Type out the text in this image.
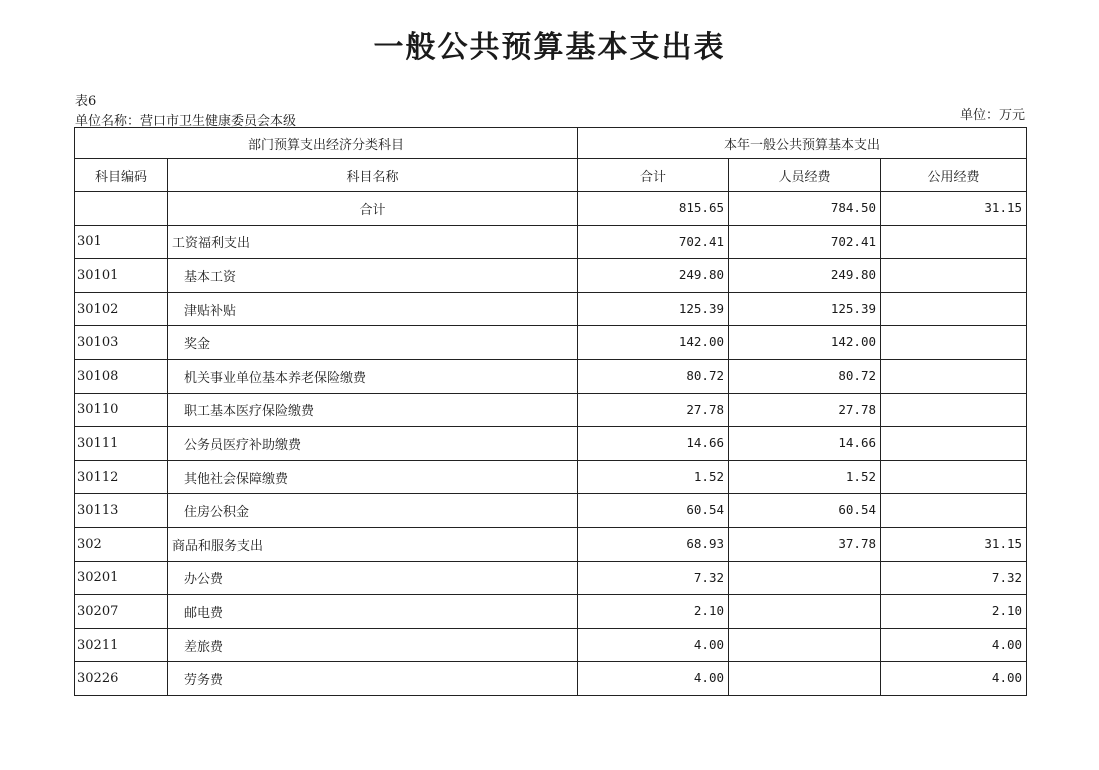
一般公共预算基本支出表
表6
单位名称：营口市卫生健康委员会本级	单位：万元
部门预算支出经济分类科目		本年一般公共预算基本支出		
科目编码	科目名称	合计	人员经费	公用经费
	合计	815.65	784.50	31.15
301	工资福利支出	702.41	702.41	
30101	基本工资	249.80	249.80	
30102	津贴补贴	125.39	125.39	
30103	奖金	142.00	142.00	
30108	机关事业单位基本养老保险缴费	80.72	80.72	
30110	职工基本医疗保险缴费	27.78	27.78	
30111	公务员医疗补助缴费	14.66	14.66	
30112	其他社会保障缴费	1.52	1.52	
30113	住房公积金	60.54	60.54	
302	商品和服务支出	68.93	37.78	31.15
30201	办公费	7.32		7.32
30207	邮电费	2.10		2.10
30211	差旅费	4.00		4.00
30226	劳务费	4.00		4.00
